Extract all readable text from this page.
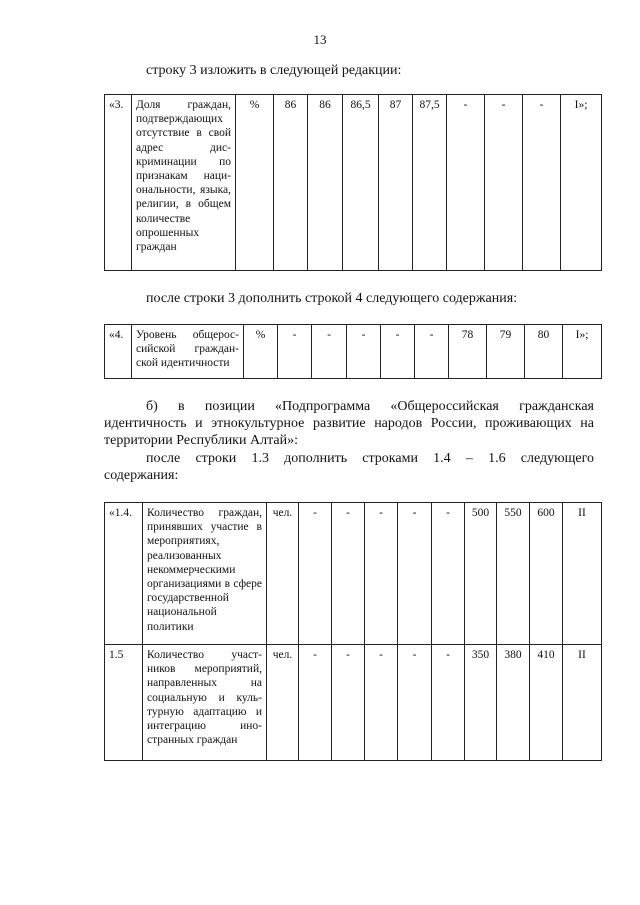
13
строку 3 изложить в следующей редакции:
«3.	Доля граждан, подтверждающих отсутствие в свой адрес дискриминации по признакам национальности, языка, религии, в общем количестве опрошенных граждан	%	86	86	86,5	87	87,5	-	-	-	I»;
после строки 3 дополнить строкой 4 следующего содержания:
«4.	Уровень общероссийской гражданской идентичности	%	-	-	-	-	-	78	79	80	I»;
б) в позиции «Подпрограмма «Общероссийская гражданская идентичность и этнокультурное развитие народов России, проживающих на территории Республики Алтай»:
после строки 1.3 дополнить строками 1.4 – 1.6 следующего
содержания:
«1.4.	Количество граждан, принявших участие в мероприятиях, реализованных некоммерческими организациями в сфере государственной национальной политики	чел.	-	-	-	-	-	500	550	600	II
1.5	Количество участников мероприятий, направленных на социальную и культурную адаптацию и интеграцию иностранных граждан	чел.	-	-	-	-	-	350	380	410	II
